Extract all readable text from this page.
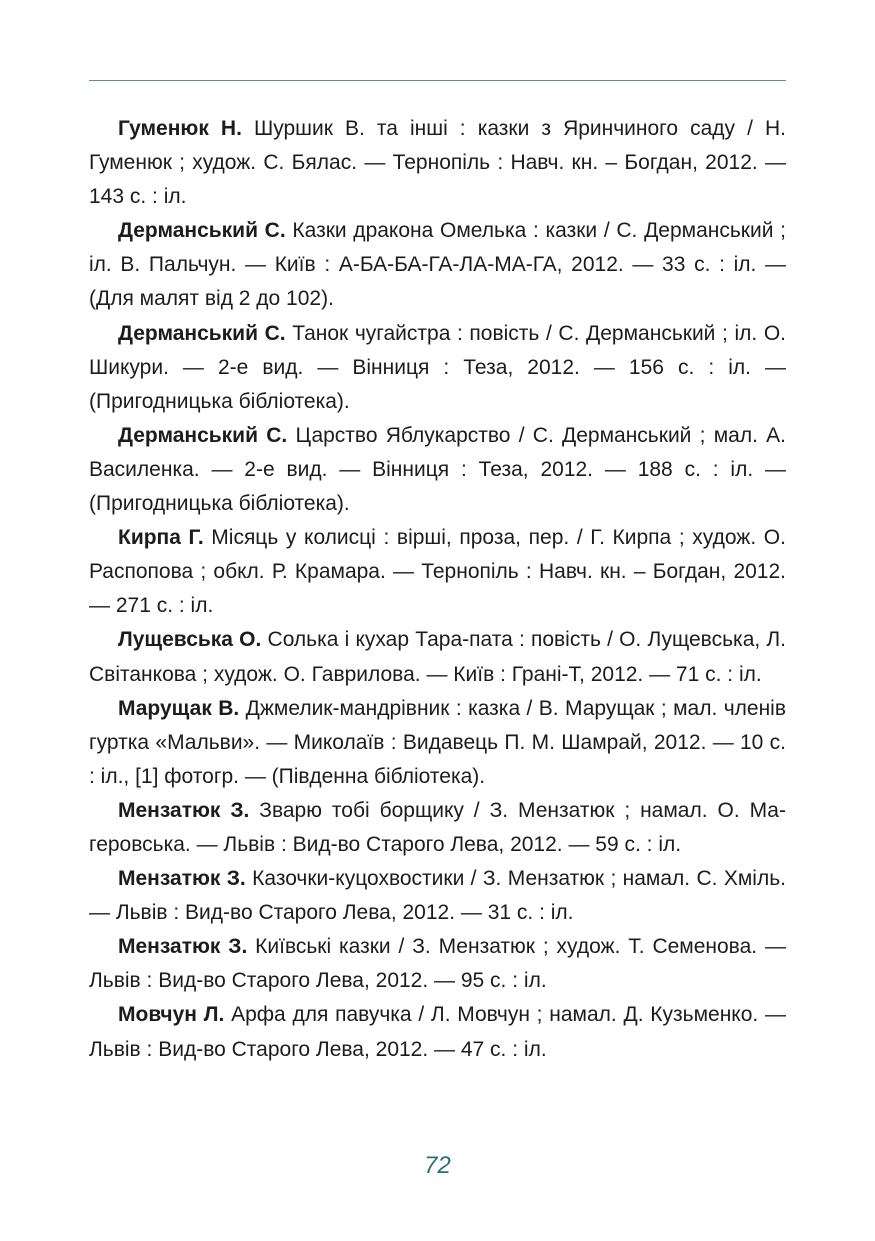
Гуменюк Н. Шуршик В. та інші : казки з Яринчиного саду / Н. Гуменюк ; худож. С. Бялас. — Тернопіль : Навч. кн. – Богдан, 2012. — 143 с. : іл.

Дерманський С. Казки дракона Омелька : казки / С. Дерманський ; іл. В. Пальчун. — Київ : А-БА-БА-ГА-ЛА-МА-ГА, 2012. — 33 с. : іл. — (Для малят від 2 до 102).

Дерманський С. Танок чугайстра : повість / С. Дерманський ; іл. О. Шикури. — 2-е вид. — Вінниця : Теза, 2012. — 156 с. : іл. — (Пригодницька бібліотека).

Дерманський С. Царство Яблукарство / С. Дерманський ; мал. А. Василенка. — 2-е вид. — Вінниця : Теза, 2012. — 188 с. : іл. — (Пригодницька бібліотека).

Кирпа Г. Місяць у колисці : вірші, проза, пер. / Г. Кирпа ; худож. О. Распопова ; обкл. Р. Крамара. — Тернопіль : Навч. кн. – Богдан, 2012. — 271 с. : іл.

Лущевська О. Солька і кухар Тара-пата : повість / О. Лущевська, Л. Світанкова ; худож. О. Гаврилова. — Київ : Грані-Т, 2012. — 71 с. : іл.

Марущак В. Джмелик-мандрівник : казка / В. Марущак ; мал. членів гуртка «Мальви». — Миколаїв : Видавець П. М. Шамрай, 2012. — 10 с. : іл., [1] фотогр. — (Південна бібліотека).

Мензатюк З. Зварю тобі борщику / З. Мензатюк ; намал. О. Магеровська. — Львів : Вид-во Старого Лева, 2012. — 59 с. : іл.

Мензатюк З. Казочки-куцохвостики / З. Мензатюк ; намал. С. Хміль. — Львів : Вид-во Старого Лева, 2012. — 31 с. : іл.

Мензатюк З. Київські казки / З. Мензатюк ; худож. Т. Семенова. — Львів : Вид-во Старого Лева, 2012. — 95 с. : іл.

Мовчун Л. Арфа для павучка / Л. Мовчун ; намал. Д. Кузьменко. — Львів : Вид-во Старого Лева, 2012. — 47 с. : іл.

72
